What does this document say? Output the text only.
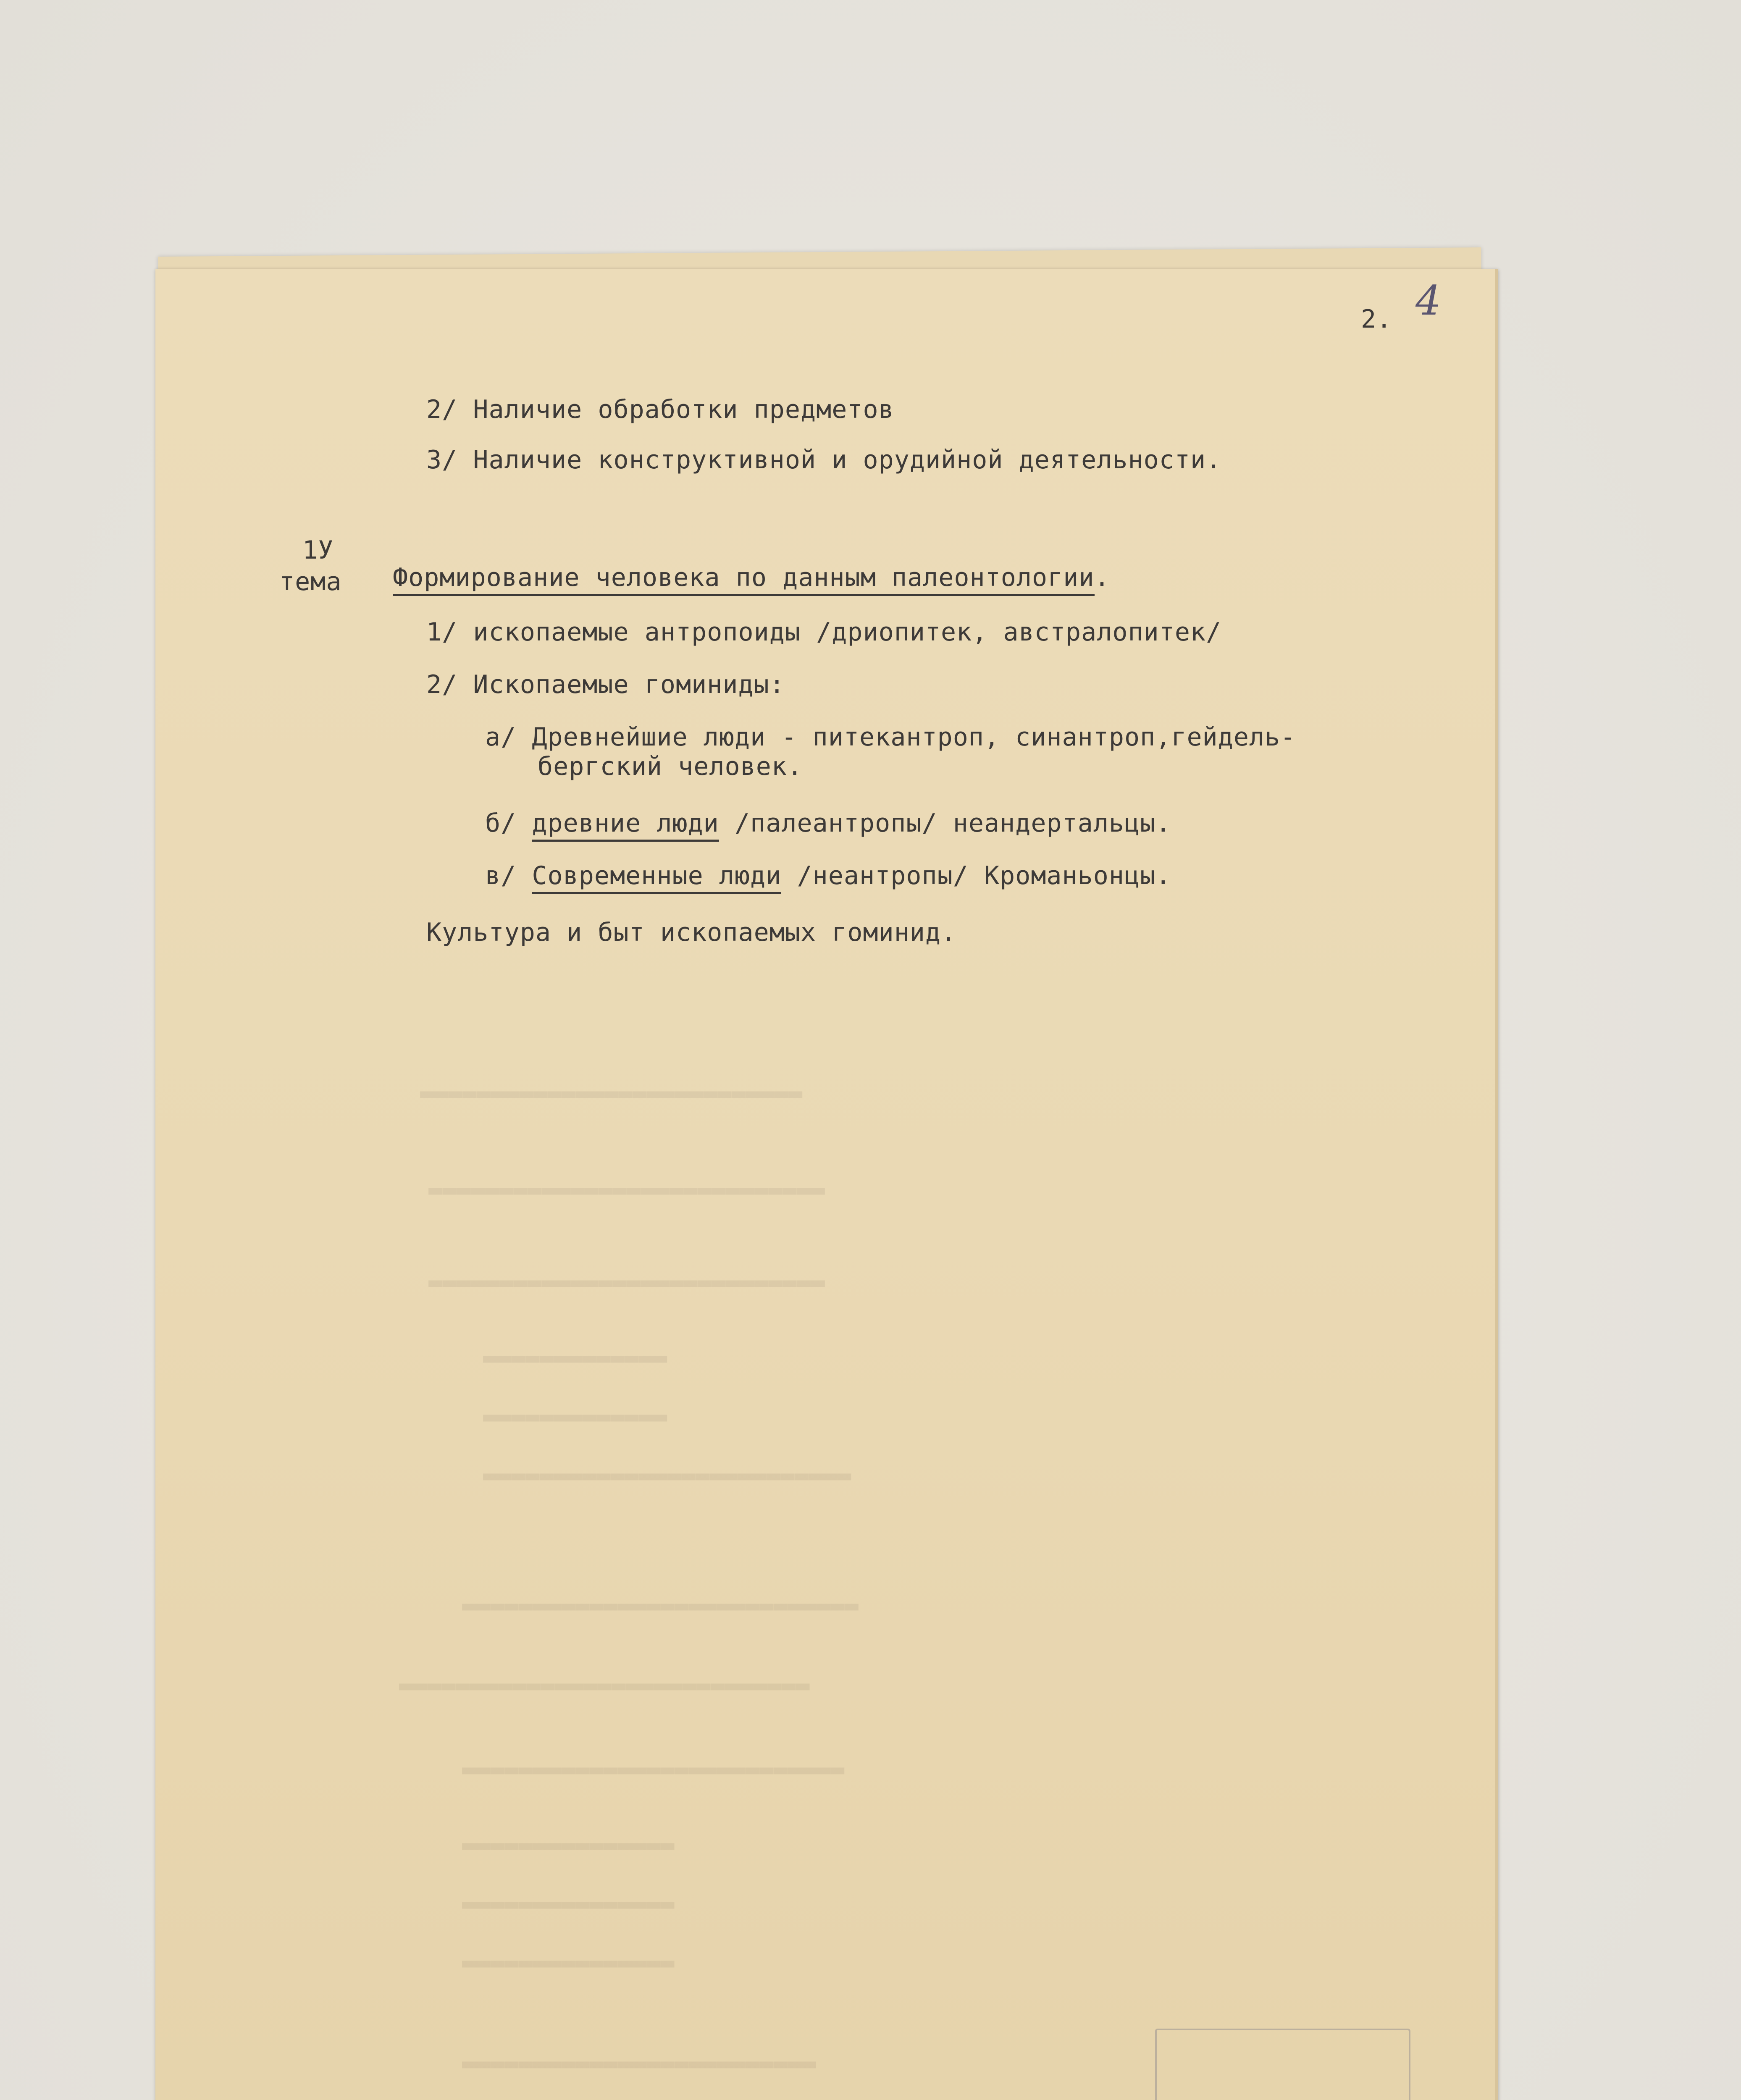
▬▬▬▬▬▬▬▬▬▬▬▬▬▬▬▬▬▬▬▬▬▬▬▬▬▬▬
▬▬▬▬▬▬▬▬▬▬▬▬▬▬▬▬▬▬▬▬▬▬▬▬▬▬▬▬
▬▬▬▬▬▬▬▬▬▬▬▬▬▬▬▬▬▬▬▬▬▬▬▬▬▬▬▬
▬▬▬▬▬▬▬▬▬▬▬▬▬
▬▬▬▬▬▬▬▬▬▬▬▬▬
▬▬▬▬▬▬▬▬▬▬▬▬▬▬▬▬▬▬▬▬▬▬▬▬▬▬
▬▬▬▬▬▬▬▬▬▬▬▬▬▬▬▬▬▬▬▬▬▬▬▬▬▬▬▬
▬▬▬▬▬▬▬▬▬▬▬▬▬▬▬▬▬▬▬▬▬▬▬▬▬▬▬▬▬
▬▬▬▬▬▬▬▬▬▬▬▬▬▬▬▬▬▬▬▬▬▬▬▬▬▬▬
▬▬▬▬▬▬▬▬▬▬▬▬▬▬▬
▬▬▬▬▬▬▬▬▬▬▬▬▬▬▬
▬▬▬▬▬▬▬▬▬▬▬▬▬▬▬
▬▬▬▬▬▬▬▬▬▬▬▬▬▬▬▬▬▬▬▬▬▬▬▬▬
2. 4
2/ Наличие обработки предметов
3/ Наличие конструктивной и орудийной деятельности.
1У
тема Формирование человека по данным палеонтологии.
1/ ископаемые антропоиды /дриопитек, австралопитек/
2/ Ископаемые гоминиды:
а/ Древнейшие люди - питекантроп, синантроп,гейдель-
бергский человек.
б/ древние люди /палеантропы/ неандертальцы.
в/ Современные люди /неантропы/ Кроманьонцы.
Культура и быт ископаемых гоминид.
